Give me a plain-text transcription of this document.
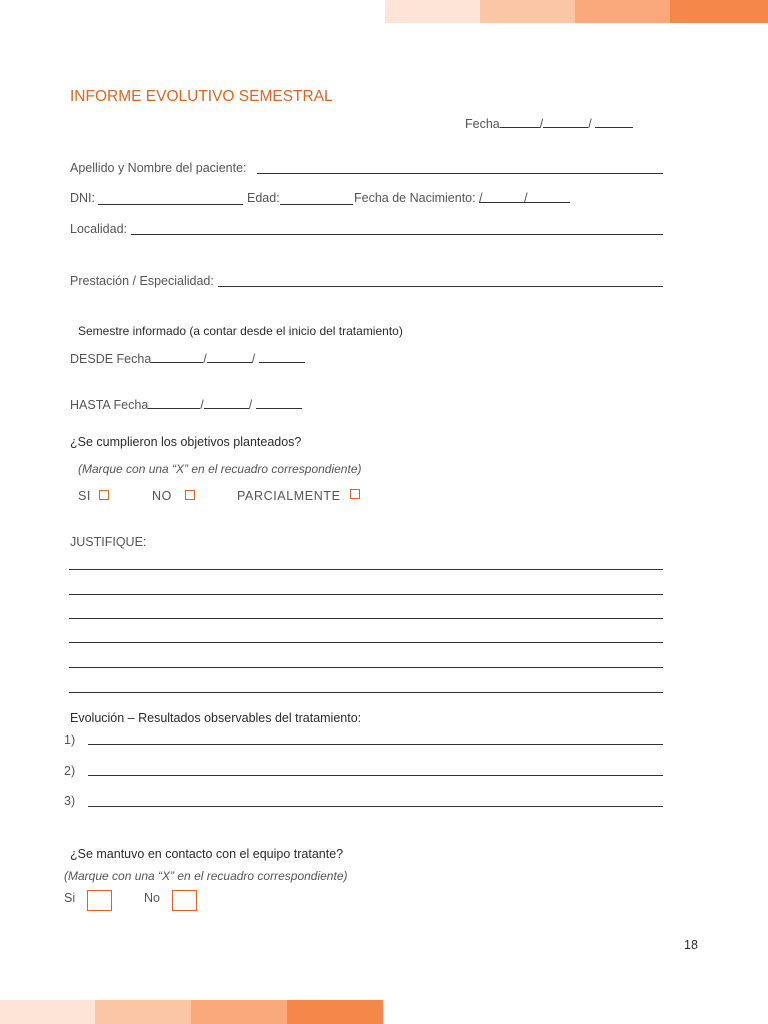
INFORME EVOLUTIVO SEMESTRAL
Fecha	/	/
Apellido y Nombre del paciente:
DNI:	Edad:	Fecha de Nacimiento: /	/
Localidad:
Prestación / Especialidad:
Semestre informado (a contar desde el inicio del tratamiento)
DESDE Fecha	/	/
HASTA Fecha	/	/
¿Se cumplieron los objetivos planteados?
(Marque con una “X” en el recuadro correspondiente)
SI	NO	PARCIALMENTE
JUSTIFIQUE:
Evolución – Resultados observables del tratamiento:
1)
2)
3)
¿Se mantuvo en contacto con el equipo tratante?
(Marque con una “X” en el recuadro correspondiente)
Si	No
18
